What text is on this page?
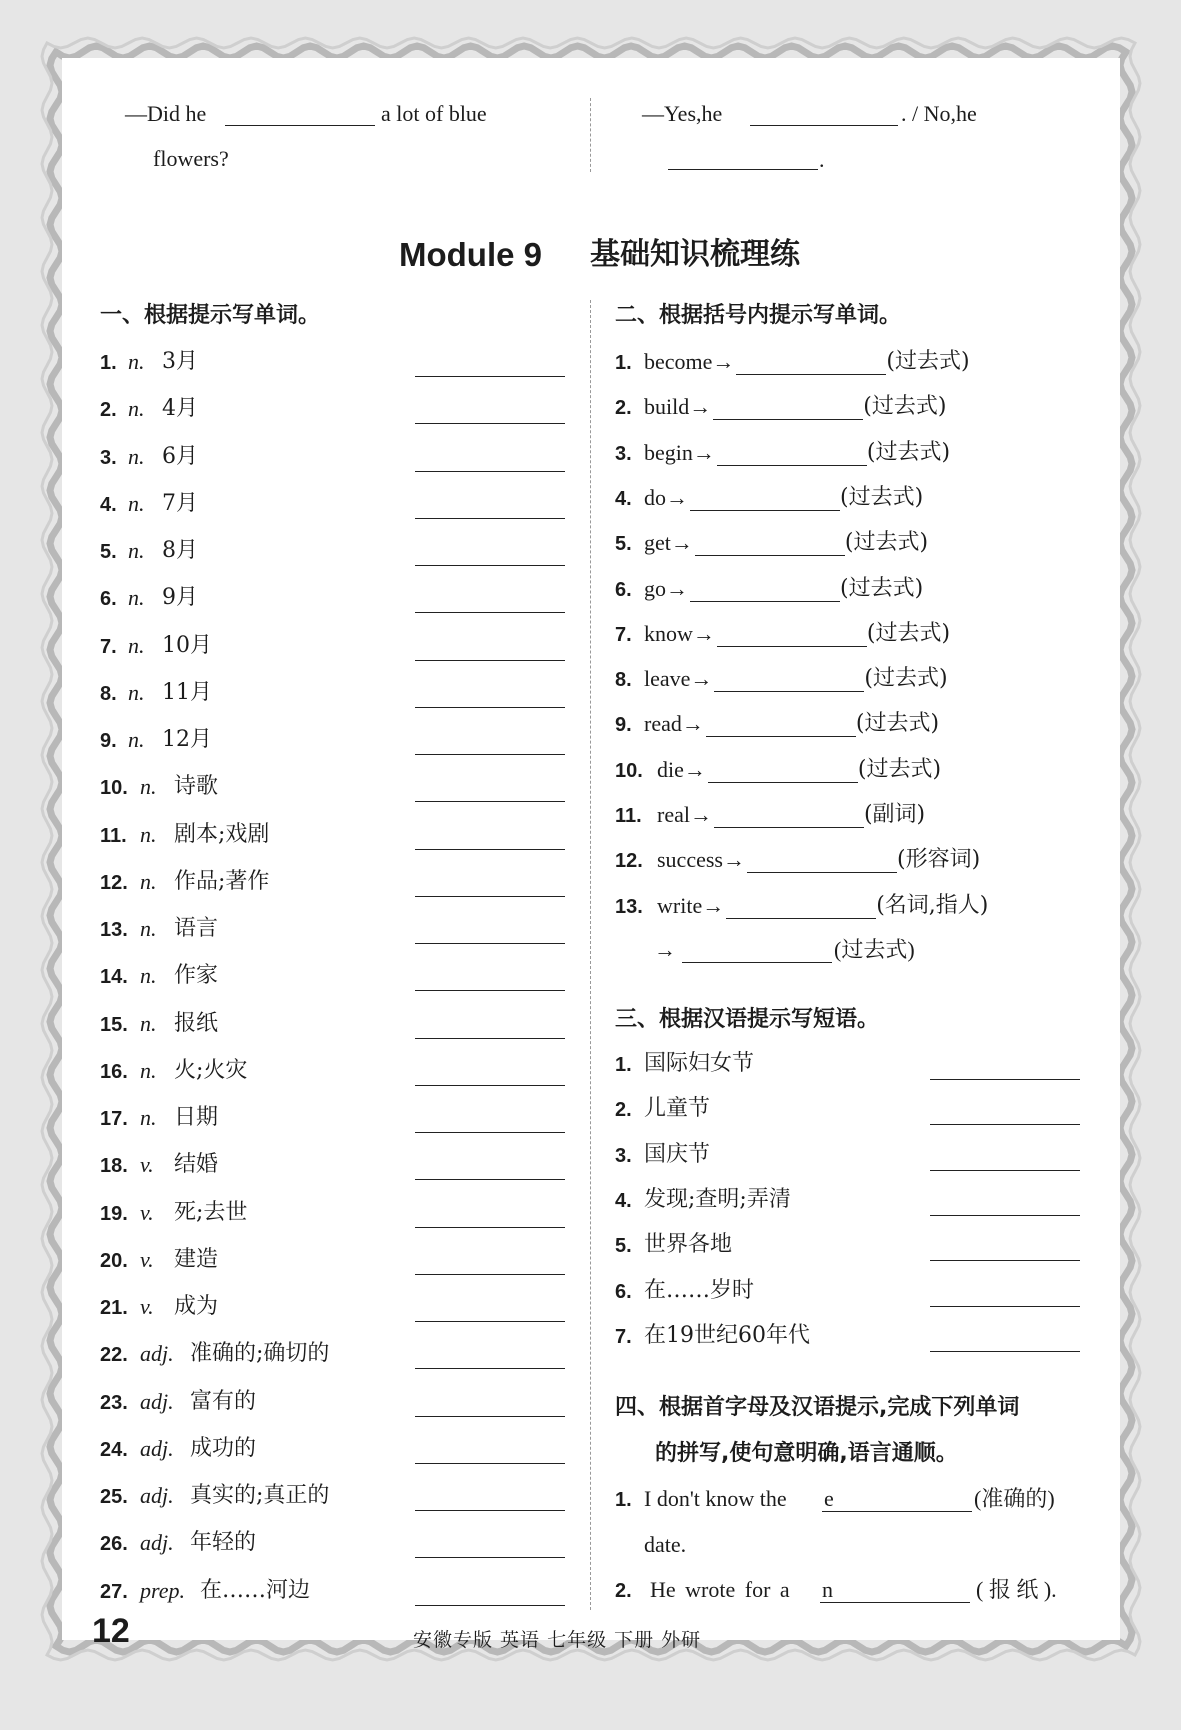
—Did he	a lot of blue
flowers?
—Yes,he	. / No,he
.
Module 9 基础知识梳理练
一、根据提示写单词。
1. n. 3月
2. n. 4月
3. n. 6月
4. n. 7月
5. n. 8月
6. n. 9月
7. n. 10月
8. n. 11月
9. n. 12月
10. n. 诗歌
11. n. 剧本;戏剧
12. n. 作品;著作
13. n. 语言
14. n. 作家
15. n. 报纸
16. n. 火;火灾
17. n. 日期
18. v. 结婚
19. v. 死;去世
20. v. 建造
21. v. 成为
22. adj. 准确的;确切的
23. adj. 富有的
24. adj. 成功的
25. adj. 真实的;真正的
26. adj. 年轻的
27. prep. 在……河边
二、根据括号内提示写单词。
1. become→	(过去式)
2. build→	(过去式)
3. begin→	(过去式)
4. do→	(过去式)
5. get→	(过去式)
6. go→	(过去式)
7. know→	(过去式)
8. leave→	(过去式)
9. read→	(过去式)
10. die→	(过去式)
11. real→	(副词)
12. success→	(形容词)
13. write→	(名词,指人)
→	(过去式)
三、根据汉语提示写短语。
1. 国际妇女节
2. 儿童节
3. 国庆节
4. 发现;查明;弄清
5. 世界各地
6. 在……岁时
7. 在19世纪60年代
四、根据首字母及汉语提示,完成下列单词
的拼写,使句意明确,语言通顺。
1. I don't know the e	(准确的)
date.
2. He wrote for a n	( 报 纸 ).
12	安徽专版 英语 七年级 下册 外研
